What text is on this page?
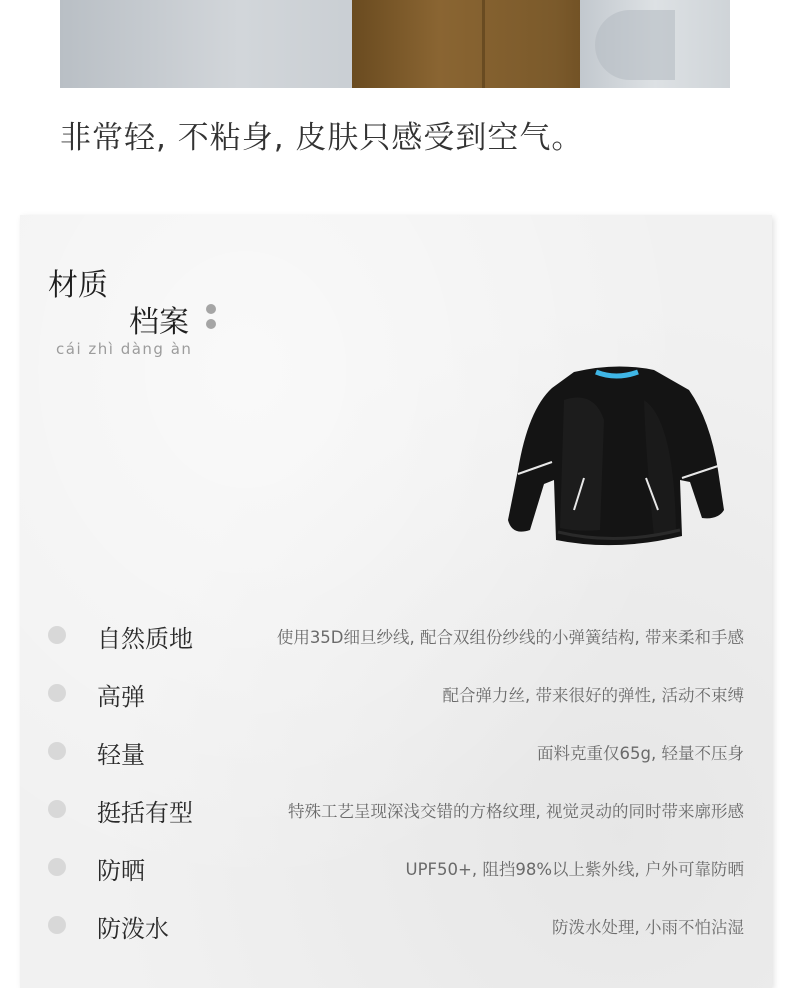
非常轻, 不粘身, 皮肤只感受到空气。
材质
档案
cái zhì dàng àn
自然质地	使用35D细旦纱线, 配合双组份纱线的小弹簧结构, 带来柔和手感
高弹	配合弹力丝, 带来很好的弹性, 活动不束缚
轻量	面料克重仅65g, 轻量不压身
挺括有型	特殊工艺呈现深浅交错的方格纹理, 视觉灵动的同时带来廓形感
防晒	UPF50+, 阻挡98%以上紫外线, 户外可靠防晒
防泼水	防泼水处理, 小雨不怕沾湿
